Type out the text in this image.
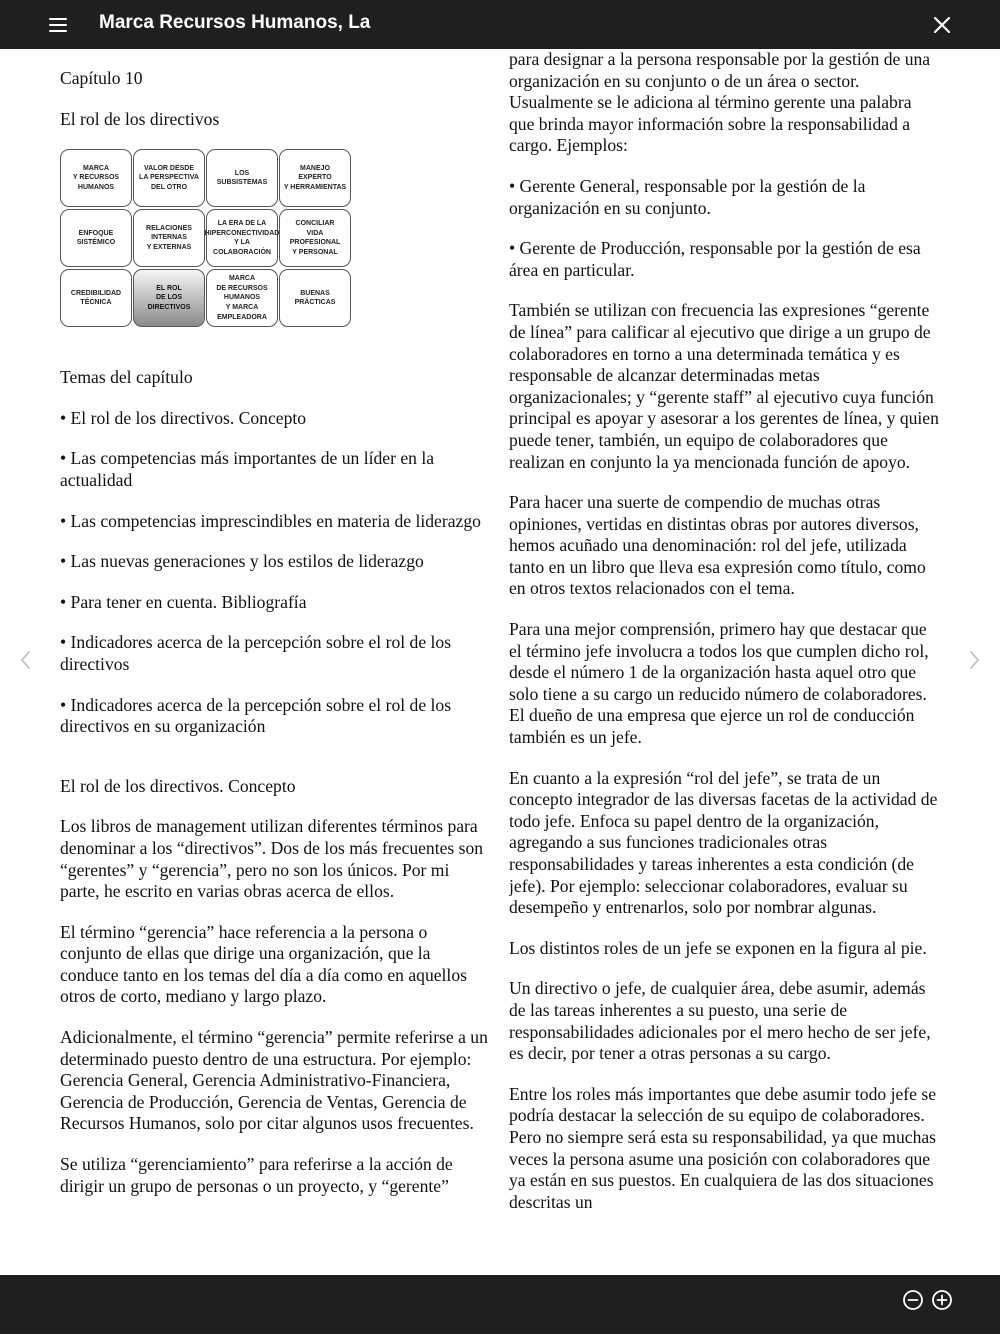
Marca Recursos Humanos, La

Capítulo 10

El rol de los directivos

MARCA
Y RECURSOS
HUMANOS
VALOR DESDE
LA PERSPECTIVA
DEL OTRO
LOS
SUBSISTEMAS
MANEJO
EXPERTO
Y HERRAMIENTAS
ENFOQUE
SISTÉMICO
RELACIONES
INTERNAS
Y EXTERNAS
LA ERA DE LA
HIPERCONECTIVIDAD
Y LA
COLABORACIÓN
CONCILIAR
VIDA
PROFESIONAL
Y PERSONAL
CREDIBILIDAD
TÉCNICA
EL ROL
DE LOS
DIRECTIVOS
MARCA
DE RECURSOS
HUMANOS
Y MARCA
EMPLEADORA
BUENAS
PRÁCTICAS

Temas del capítulo

• El rol de los directivos. Concepto

• Las competencias más importantes de un líder en la actualidad

• Las competencias imprescindibles en materia de liderazgo

• Las nuevas generaciones y los estilos de liderazgo

• Para tener en cuenta. Bibliografía

• Indicadores acerca de la percepción sobre el rol de los directivos

• Indicadores acerca de la percepción sobre el rol de los directivos en su organización

El rol de los directivos. Concepto

Los libros de management utilizan diferentes términos para denominar a los “directivos”. Dos de los más frecuentes son “gerentes” y “gerencia”, pero no son los únicos. Por mi parte, he escrito en varias obras acerca de ellos.

El término “gerencia” hace referencia a la persona o conjunto de ellas que dirige una organización, que la conduce tanto en los temas del día a día como en aquellos otros de corto, mediano y largo plazo.

Adicionalmente, el término “gerencia” permite referirse a un determinado puesto dentro de una estructura. Por ejemplo: Gerencia General, Gerencia Administrativo-Financiera, Gerencia de Producción, Gerencia de Ventas, Gerencia de Recursos Humanos, solo por citar algunos usos frecuentes.

Se utiliza “gerenciamiento” para referirse a la acción de dirigir un grupo de personas o un proyecto, y “gerente”

para designar a la persona responsable por la gestión de una organización en su conjunto o de un área o sector. Usualmente se le adiciona al término gerente una palabra que brinda mayor información sobre la responsabilidad a cargo. Ejemplos:

• Gerente General, responsable por la gestión de la organización en su conjunto.

• Gerente de Producción, responsable por la gestión de esa área en particular.

También se utilizan con frecuencia las expresiones “gerente de línea” para calificar al ejecutivo que dirige a un grupo de colaboradores en torno a una determinada temática y es responsable de alcanzar determinadas metas organizacionales; y “gerente staff” al ejecutivo cuya función principal es apoyar y asesorar a los gerentes de línea, y quien puede tener, también, un equipo de colaboradores que realizan en conjunto la ya mencionada función de apoyo.

Para hacer una suerte de compendio de muchas otras opiniones, vertidas en distintas obras por autores diversos, hemos acuñado una denominación: rol del jefe, utilizada tanto en un libro que lleva esa expresión como título, como en otros textos relacionados con el tema.

Para una mejor comprensión, primero hay que destacar que el término jefe involucra a todos los que cumplen dicho rol, desde el número 1 de la organización hasta aquel otro que solo tiene a su cargo un reducido número de colaboradores. El dueño de una empresa que ejerce un rol de conducción también es un jefe.

En cuanto a la expresión “rol del jefe”, se trata de un concepto integrador de las diversas facetas de la actividad de todo jefe. Enfoca su papel dentro de la organización, agregando a sus funciones tradicionales otras responsabilidades y tareas inherentes a esta condición (de jefe). Por ejemplo: seleccionar colaboradores, evaluar su desempeño y entrenarlos, solo por nombrar algunas.

Los distintos roles de un jefe se exponen en la figura al pie.

Un directivo o jefe, de cualquier área, debe asumir, además de las tareas inherentes a su puesto, una serie de responsabilidades adicionales por el mero hecho de ser jefe, es decir, por tener a otras personas a su cargo.

Entre los roles más importantes que debe asumir todo jefe se podría destacar la selección de su equipo de colaboradores. Pero no siempre será esta su responsabilidad, ya que muchas veces la persona asume una posición con colaboradores que ya están en sus puestos. En cualquiera de las dos situaciones descritas un
